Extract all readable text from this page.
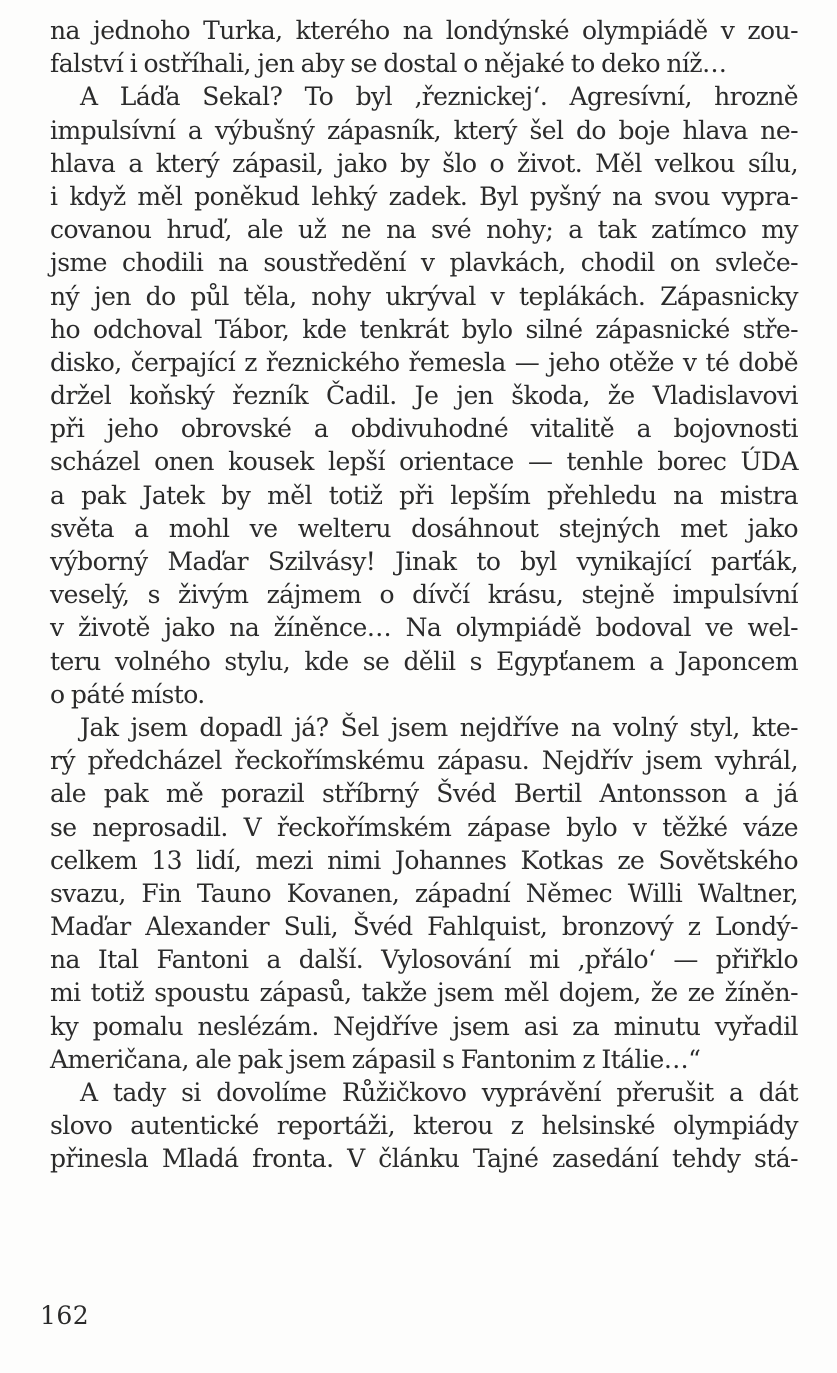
na jednoho Turka, kterého na londýnské olympiádě v zou-
falství i ostříhali, jen aby se dostal o nějaké to deko níž…
A Láďa Sekal? To byl ‚řeznickej‘. Agresívní, hrozně
impulsívní a výbušný zápasník, který šel do boje hlava ne-
hlava a který zápasil, jako by šlo o život. Měl velkou sílu,
i když měl poněkud lehký zadek. Byl pyšný na svou vypra-
covanou hruď, ale už ne na své nohy; a tak zatímco my
jsme chodili na soustředění v plavkách, chodil on svleče-
ný jen do půl těla, nohy ukrýval v teplákách. Zápasnicky
ho odchoval Tábor, kde tenkrát bylo silné zápasnické stře-
disko, čerpající z řeznického řemesla — jeho otěže v té době
držel koňský řezník Čadil. Je jen škoda, že Vladislavovi
při jeho obrovské a obdivuhodné vitalitě a bojovnosti
scházel onen kousek lepší orientace — tenhle borec ÚDA
a pak Jatek by měl totiž při lepším přehledu na mistra
světa a mohl ve welteru dosáhnout stejných met jako
výborný Maďar Szilvásy! Jinak to byl vynikající parťák,
veselý, s živým zájmem o dívčí krásu, stejně impulsívní
v životě jako na žíněnce… Na olympiádě bodoval ve wel-
teru volného stylu, kde se dělil s Egypťanem a Japoncem
o páté místo.
Jak jsem dopadl já? Šel jsem nejdříve na volný styl, kte-
rý předcházel řeckořímskému zápasu. Nejdřív jsem vyhrál,
ale pak mě porazil stříbrný Švéd Bertil Antonsson a já
se neprosadil. V řeckořímském zápase bylo v těžké váze
celkem 13 lidí, mezi nimi Johannes Kotkas ze Sovětského
svazu, Fin Tauno Kovanen, západní Němec Willi Waltner,
Maďar Alexander Suli, Švéd Fahlquist, bronzový z Londý-
na Ital Fantoni a další. Vylosování mi ‚přálo‘ — přiřklo
mi totiž spoustu zápasů, takže jsem měl dojem, že ze žíněn-
ky pomalu neslézám. Nejdříve jsem asi za minutu vyřadil
Američana, ale pak jsem zápasil s Fantonim z Itálie…“
A tady si dovolíme Růžičkovo vyprávění přerušit a dát
slovo autentické reportáži, kterou z helsinské olympiády
přinesla Mladá fronta. V článku Tajné zasedání tehdy stá-
162
